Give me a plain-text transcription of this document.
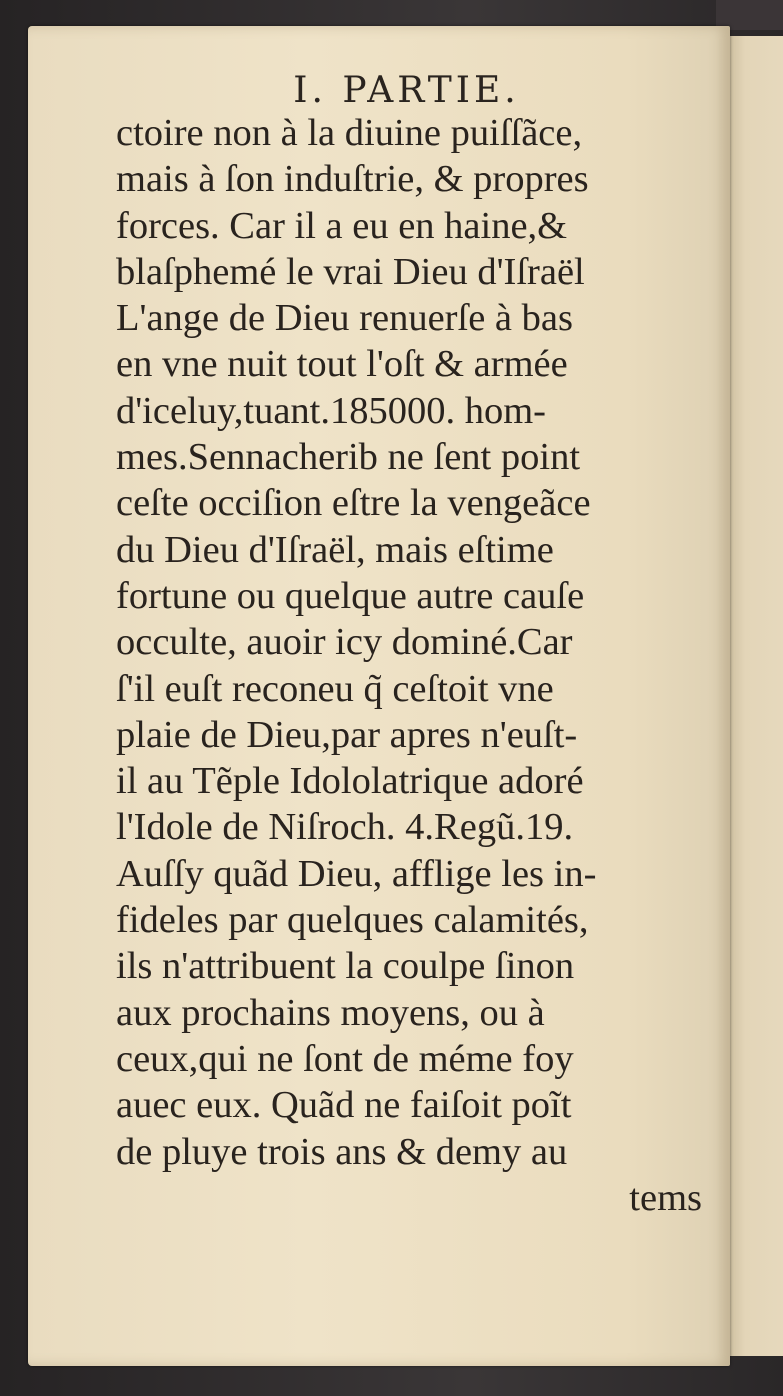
I. PARTIE.
ctoire non à la diuine puiſſãce,
mais à ſon induſtrie, & propres
forces. Car il a eu en haine,&
blaſphemé le vrai Dieu d'Iſraël
L'ange de Dieu renuerſe à bas
en vne nuit tout l'oſt & armée
d'iceluy,tuant.185000. hom-
mes.Sennacherib ne ſent point
ceſte occiſion eſtre la vengeãce
du Dieu d'Iſraël, mais eſtime
fortune ou quelque autre cauſe
occulte, auoir icy dominé.Car
ſ'il euſt reconeu q̃ ceſtoit vne
plaie de Dieu,par apres n'euſt-
il au Tẽple Idololatrique adoré
l'Idole de Niſroch. 4.Regũ.19.
Auſſy quãd Dieu, afflige les in-
fideles par quelques calamités,
ils n'attribuent la coulpe ſinon
aux prochains moyens, ou à
ceux,qui ne ſont de méme foy
auec eux. Quãd ne faiſoit poĩt
de pluye trois ans & demy au
tems
